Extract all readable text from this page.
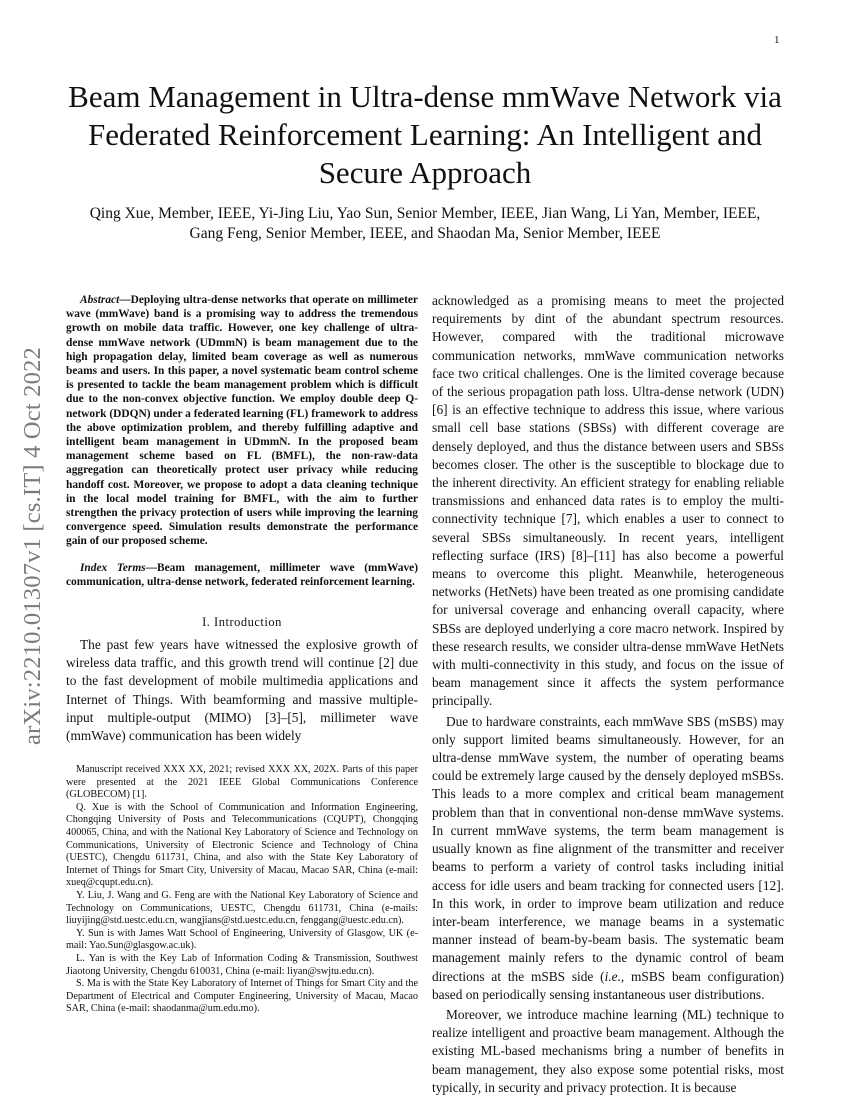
1
arXiv:2210.01307v1 [cs.IT] 4 Oct 2022
Beam Management in Ultra-dense mmWave Network via Federated Reinforcement Learning: An Intelligent and Secure Approach
Qing Xue, Member, IEEE, Yi-Jing Liu, Yao Sun, Senior Member, IEEE, Jian Wang, Li Yan, Member, IEEE,
Gang Feng, Senior Member, IEEE, and Shaodan Ma, Senior Member, IEEE

Abstract—Deploying ultra-dense networks that operate on millimeter wave (mmWave) band is a promising way to address the tremendous growth on mobile data traffic. However, one key challenge of ultra-dense mmWave network (UDmmN) is beam management due to the high propagation delay, limited beam coverage as well as numerous beams and users. In this paper, a novel systematic beam control scheme is presented to tackle the beam management problem which is difficult due to the non-convex objective function. We employ double deep Q-network (DDQN) under a federated learning (FL) framework to address the above optimization problem, and thereby fulfilling adaptive and intelligent beam management in UDmmN. In the proposed beam management scheme based on FL (BMFL), the non-raw-data aggregation can theoretically protect user privacy while reducing handoff cost. Moreover, we propose to adopt a data cleaning technique in the local model training for BMFL, with the aim to further strengthen the privacy protection of users while improving the learning convergence speed. Simulation results demonstrate the performance gain of our proposed scheme.

Index Terms—Beam management, millimeter wave (mmWave) communication, ultra-dense network, federated reinforcement learning.

I. Introduction

The past few years have witnessed the explosive growth of wireless data traffic, and this growth trend will continue [2] due to the fast development of mobile multimedia applications and Internet of Things. With beamforming and massive multiple-input multiple-output (MIMO) [3]–[5], millimeter wave (mmWave) communication has been widely

Manuscript received XXX XX, 2021; revised XXX XX, 202X. Parts of this paper were presented at the 2021 IEEE Global Communications Conference (GLOBECOM) [1].

Q. Xue is with the School of Communication and Information Engineering, Chongqing University of Posts and Telecommunications (CQUPT), Chongqing 400065, China, and with the National Key Laboratory of Science and Technology on Communications, University of Electronic Science and Technology of China (UESTC), Chengdu 611731, China, and also with the State Key Laboratory of Internet of Things for Smart City, University of Macau, Macao SAR, China (e-mail: xueq@cqupt.edu.cn).

Y. Liu, J. Wang and G. Feng are with the National Key Laboratory of Science and Technology on Communications, UESTC, Chengdu 611731, China (e-mails: liuyijing@std.uestc.edu.cn, wangjians@std.uestc.edu.cn, fenggang@uestc.edu.cn).

Y. Sun is with James Watt School of Engineering, University of Glasgow, UK (e-mail: Yao.Sun@glasgow.ac.uk).

L. Yan is with the Key Lab of Information Coding & Transmission, Southwest Jiaotong University, Chengdu 610031, China (e-mail: liyan@swjtu.edu.cn).

S. Ma is with the State Key Laboratory of Internet of Things for Smart City and the Department of Electrical and Computer Engineering, University of Macau, Macao SAR, China (e-mail: shaodanma@um.edu.mo).

acknowledged as a promising means to meet the projected requirements by dint of the abundant spectrum resources. However, compared with the traditional microwave communication networks, mmWave communication networks face two critical challenges. One is the limited coverage because of the serious propagation path loss. Ultra-dense network (UDN) [6] is an effective technique to address this issue, where various small cell base stations (SBSs) with different coverage are densely deployed, and thus the distance between users and SBSs becomes closer. The other is the susceptible to blockage due to the inherent directivity. An efficient strategy for enabling reliable transmissions and enhanced data rates is to employ the multi-connectivity technique [7], which enables a user to connect to several SBSs simultaneously. In recent years, intelligent reflecting surface (IRS) [8]–[11] has also become a powerful means to overcome this plight. Meanwhile, heterogeneous networks (HetNets) have been treated as one promising candidate for universal coverage and enhancing overall capacity, where SBSs are deployed underlying a core macro network. Inspired by these research results, we consider ultra-dense mmWave HetNets with multi-connectivity in this study, and focus on the issue of beam management since it affects the system performance principally.

Due to hardware constraints, each mmWave SBS (mSBS) may only support limited beams simultaneously. However, for an ultra-dense mmWave system, the number of operating beams could be extremely large caused by the densely deployed mSBSs. This leads to a more complex and critical beam management problem than that in conventional non-dense mmWave systems. In current mmWave systems, the term beam management is usually known as fine alignment of the transmitter and receiver beams to perform a variety of control tasks including initial access for idle users and beam tracking for connected users [12]. In this work, in order to improve beam utilization and reduce inter-beam interference, we manage beams in a systematic manner instead of beam-by-beam basis. The systematic beam management mainly refers to the dynamic control of beam directions at the mSBS side (i.e., mSBS beam configuration) based on periodically sensing instantaneous user distributions.

Moreover, we introduce machine learning (ML) technique to realize intelligent and proactive beam management. Although the existing ML-based mechanisms bring a number of benefits in beam management, they also expose some potential risks, most typically, in security and privacy protection. It is because
